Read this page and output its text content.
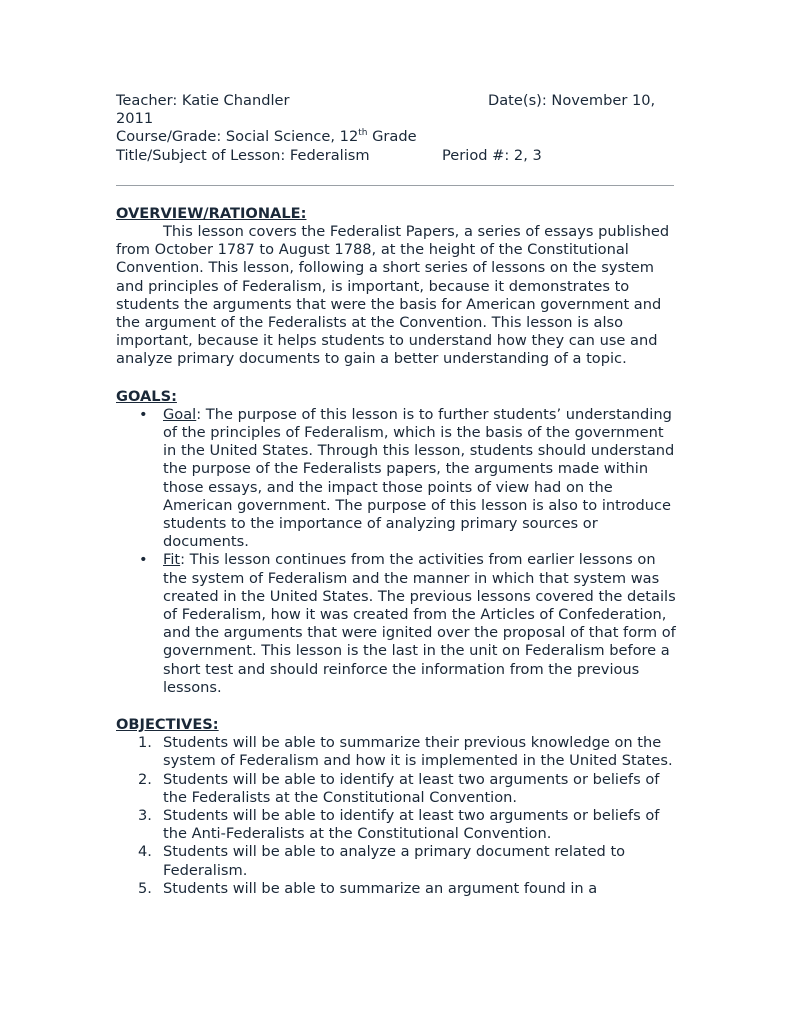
Teacher: Katie Chandler	Date(s): November 10,
2011
Course/Grade: Social Science, 12th Grade
Title/Subject of Lesson: Federalism	Period #: 2, 3
OVERVIEW/RATIONALE:
This lesson covers the Federalist Papers, a series of essays published from October 1787 to August 1788, at the height of the Constitutional Convention. This lesson, following a short series of lessons on the system and principles of Federalism, is important, because it demonstrates to students the arguments that were the basis for American government and the argument of the Federalists at the Convention. This lesson is also important, because it helps students to understand how they can use and analyze primary documents to gain a better understanding of a topic.
GOALS:
• Goal: The purpose of this lesson is to further students’ understanding of the principles of Federalism, which is the basis of the government in the United States. Through this lesson, students should understand the purpose of the Federalists papers, the arguments made within those essays, and the impact those points of view had on the American government. The purpose of this lesson is also to introduce students to the importance of analyzing primary sources or documents.
• Fit: This lesson continues from the activities from earlier lessons on the system of Federalism and the manner in which that system was created in the United States. The previous lessons covered the details of Federalism, how it was created from the Articles of Confederation, and the arguments that were ignited over the proposal of that form of government. This lesson is the last in the unit on Federalism before a short test and should reinforce the information from the previous lessons.
OBJECTIVES:
1. Students will be able to summarize their previous knowledge on the system of Federalism and how it is implemented in the United States.
2. Students will be able to identify at least two arguments or beliefs of the Federalists at the Constitutional Convention.
3. Students will be able to identify at least two arguments or beliefs of the Anti-Federalists at the Constitutional Convention.
4. Students will be able to analyze a primary document related to Federalism.
5. Students will be able to summarize an argument found in a
